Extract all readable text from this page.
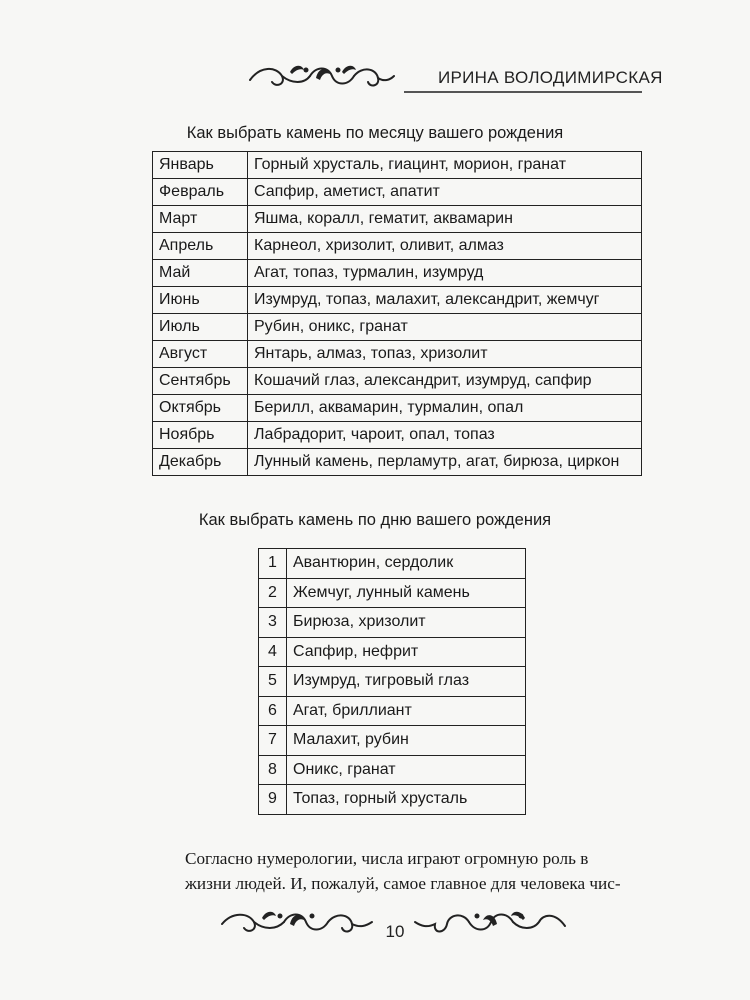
ИРИНА ВОЛОДИМИРСКАЯ
Как выбрать камень по месяцу вашего рождения
Январь	Горный хрусталь, гиацинт, морион, гранат
Февраль	Сапфир, аметист, апатит
Март	Яшма, коралл, гематит, аквамарин
Апрель	Карнеол, хризолит, оливит, алмаз
Май	Агат, топаз, турмалин, изумруд
Июнь	Изумруд, топаз, малахит, александрит, жемчуг
Июль	Рубин, оникс, гранат
Август	Янтарь, алмаз, топаз, хризолит
Сентябрь	Кошачий глаз, александрит, изумруд, сапфир
Октябрь	Берилл, аквамарин, турмалин, опал
Ноябрь	Лабрадорит, чароит, опал, топаз
Декабрь	Лунный камень, перламутр, агат, бирюза, циркон
Как выбрать камень по дню вашего рождения
1	Авантюрин, сердолик
2	Жемчуг, лунный камень
3	Бирюза, хризолит
4	Сапфир, нефрит
5	Изумруд, тигровый глаз
6	Агат, бриллиант
7	Малахит, рубин
8	Оникс, гранат
9	Топаз, горный хрусталь
Согласно нумерологии, числа играют огромную роль в
жизни людей. И, пожалуй, самое главное для человека чис-
10
